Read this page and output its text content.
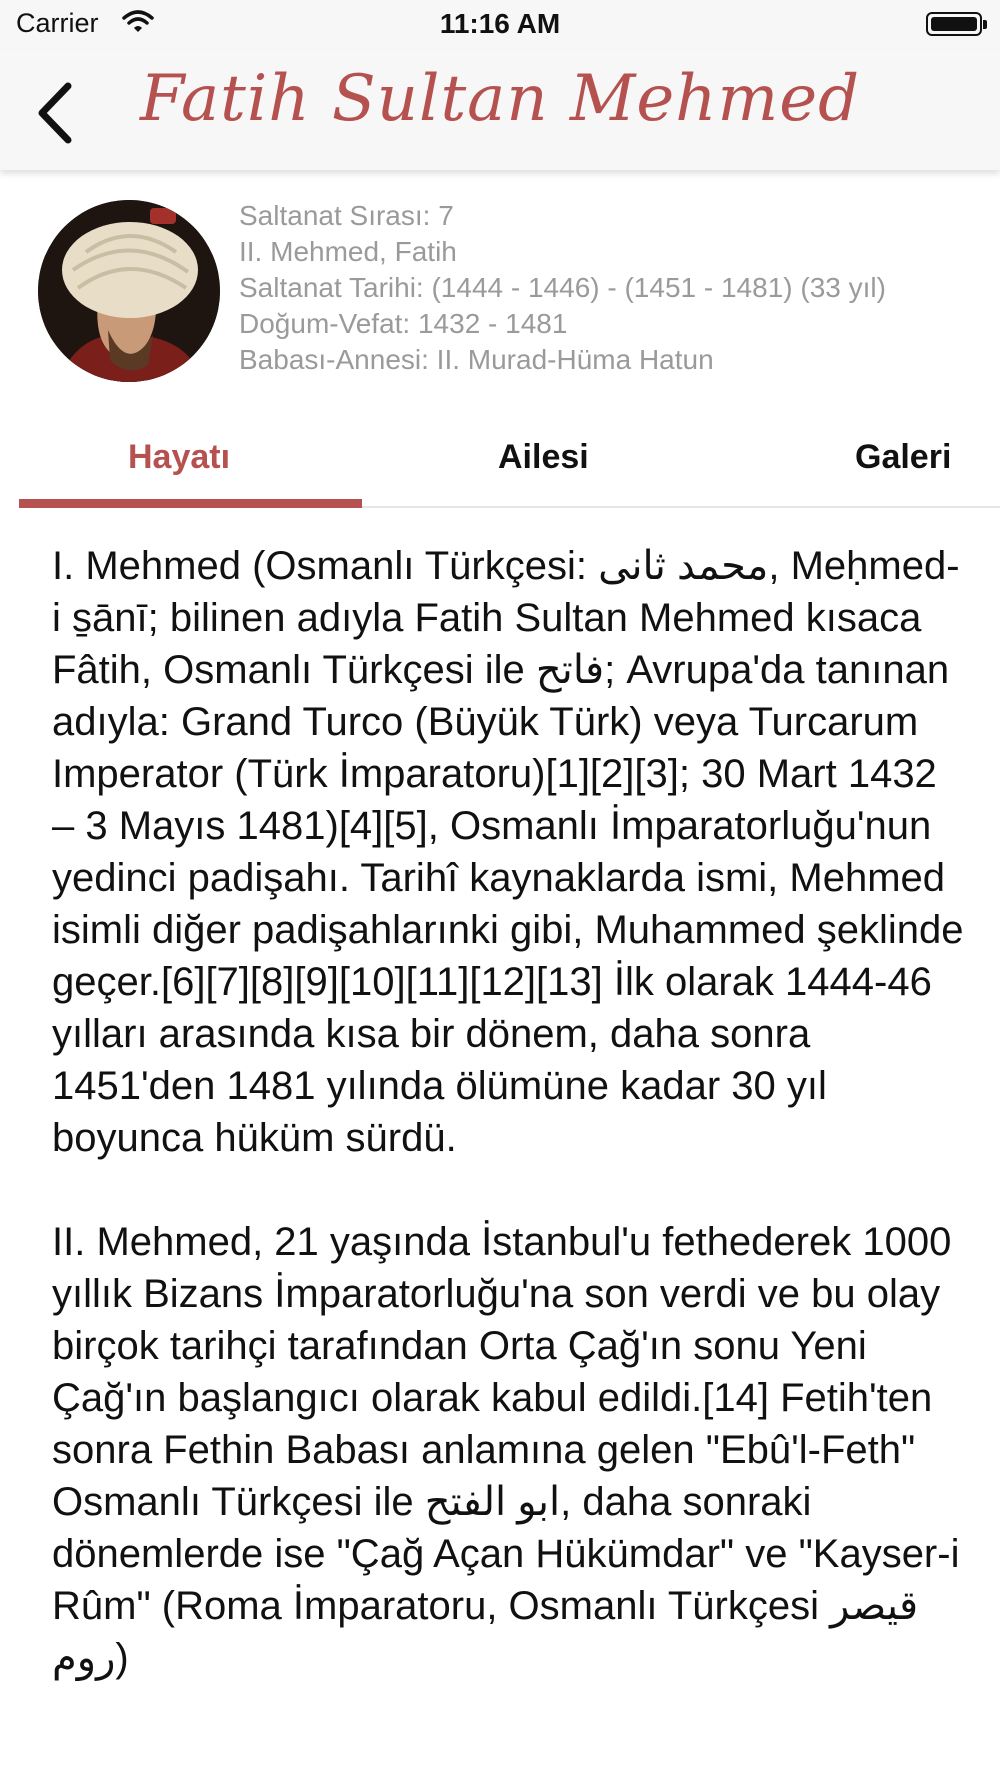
Carrier	11:16 AM
Fatih Sultan Mehmed
Saltanat Sırası: 7
II. Mehmed, Fatih
Saltanat Tarihi: (1444 - 1446) - (1451 - 1481) (33 yıl)
Doğum-Vefat: 1432 - 1481
Babası-Annesi: II. Murad-Hüma Hatun
Hayatı	Ailesi	Galeri

I. Mehmed (Osmanlı Türkçesi: محمد ثانى, Meḥmed-i s̱ānī; bilinen adıyla Fatih Sultan Mehmed kısaca Fâtih, Osmanlı Türkçesi ile فاتح; Avrupa'da tanınan adıyla: Grand Turco (Büyük Türk) veya Turcarum Imperator (Türk İmparatoru)[1][2][3]; 30 Mart 1432 – 3 Mayıs 1481)[4][5], Osmanlı İmparatorluğu'nun yedinci padişahı. Tarihî kaynaklarda ismi, Mehmed isimli diğer padişahlarınki gibi, Muhammed şeklinde geçer.[6][7][8][9][10][11][12][13] İlk olarak 1444-46 yılları arasında kısa bir dönem, daha sonra 1451'den 1481 yılında ölümüne kadar 30 yıl boyunca hüküm sürdü.

II. Mehmed, 21 yaşında İstanbul'u fethederek 1000 yıllık Bizans İmparatorluğu'na son verdi ve bu olay birçok tarihçi tarafından Orta Çağ'ın sonu Yeni Çağ'ın başlangıcı olarak kabul edildi.[14] Fetih'ten sonra Fethin Babası anlamına gelen "Ebû'l-Feth" Osmanlı Türkçesi ile ابو الفتح, daha sonraki dönemlerde ise "Çağ Açan Hükümdar" ve "Kayser-i Rûm" (Roma İmparatoru, Osmanlı Türkçesi قيصر روم)
